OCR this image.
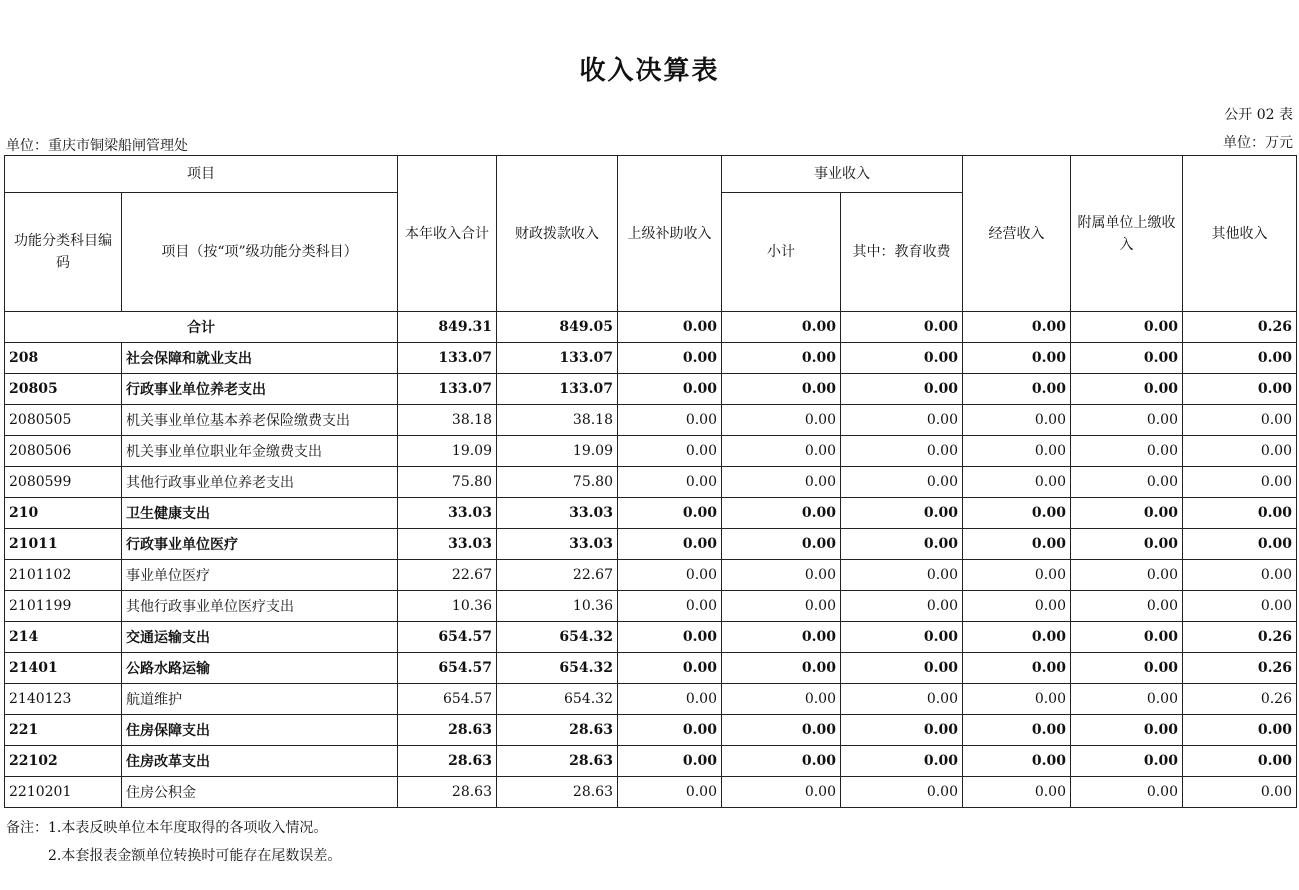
收入决算表
公开 02 表
单位：重庆市铜梁船闸管理处	单位：万元
项目		本年收入合计	财政拨款收入	上级补助收入	事业收入		经营收入	附属单位上缴收入	其他收入
功能分类科目编码	项目（按“项”级功能分类科目）				小计	其中：教育收费			
合计		849.31	849.05	0.00	0.00	0.00	0.00	0.00	0.26
208	社会保障和就业支出	133.07	133.07	0.00	0.00	0.00	0.00	0.00	0.00
20805	行政事业单位养老支出	133.07	133.07	0.00	0.00	0.00	0.00	0.00	0.00
2080505	机关事业单位基本养老保险缴费支出	38.18	38.18	0.00	0.00	0.00	0.00	0.00	0.00
2080506	机关事业单位职业年金缴费支出	19.09	19.09	0.00	0.00	0.00	0.00	0.00	0.00
2080599	其他行政事业单位养老支出	75.80	75.80	0.00	0.00	0.00	0.00	0.00	0.00
210	卫生健康支出	33.03	33.03	0.00	0.00	0.00	0.00	0.00	0.00
21011	行政事业单位医疗	33.03	33.03	0.00	0.00	0.00	0.00	0.00	0.00
2101102	事业单位医疗	22.67	22.67	0.00	0.00	0.00	0.00	0.00	0.00
2101199	其他行政事业单位医疗支出	10.36	10.36	0.00	0.00	0.00	0.00	0.00	0.00
214	交通运输支出	654.57	654.32	0.00	0.00	0.00	0.00	0.00	0.26
21401	公路水路运输	654.57	654.32	0.00	0.00	0.00	0.00	0.00	0.26
2140123	航道维护	654.57	654.32	0.00	0.00	0.00	0.00	0.00	0.26
221	住房保障支出	28.63	28.63	0.00	0.00	0.00	0.00	0.00	0.00
22102	住房改革支出	28.63	28.63	0.00	0.00	0.00	0.00	0.00	0.00
2210201	住房公积金	28.63	28.63	0.00	0.00	0.00	0.00	0.00	0.00
备注：1.本表反映单位本年度取得的各项收入情况。
2.本套报表金额单位转换时可能存在尾数误差。
